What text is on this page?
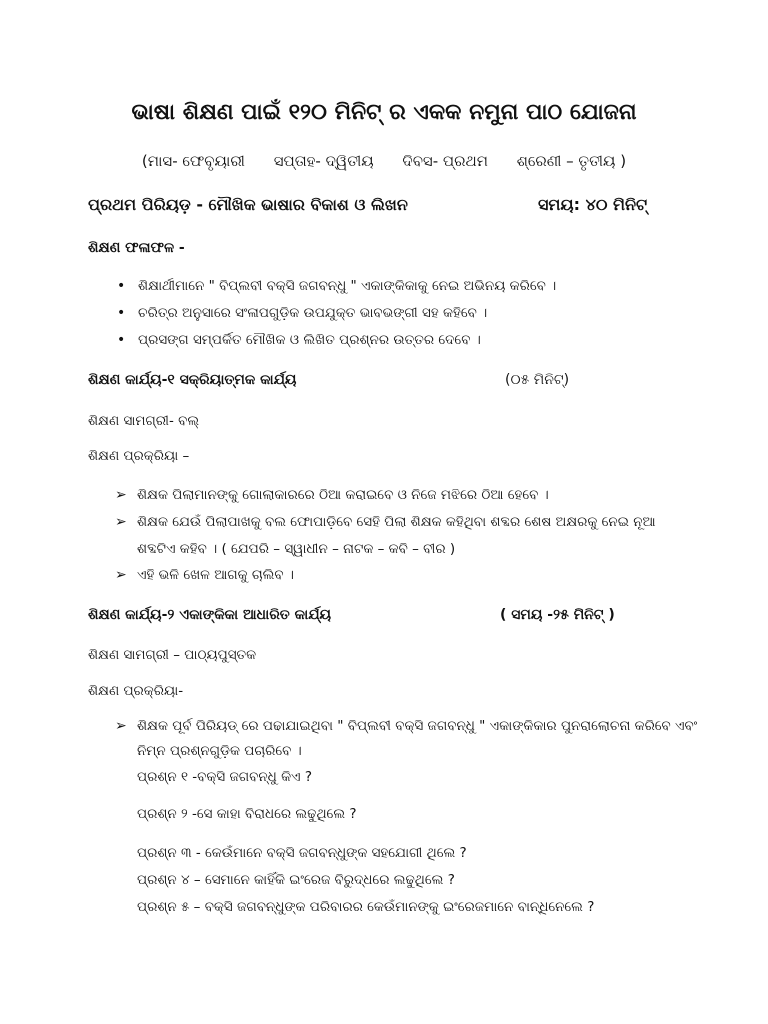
ଭାଷା ଶିକ୍ଷଣ ପାଇଁ ୧୨୦ ମିନିଟ୍ ର ଏକକ ନମୁନା ପାଠ ଯୋଜନା
(ମାସ- ଫେବୃୟାରୀ ସପ୍ତାହ- ଦ୍ୱିତୀୟ ଦିବସ- ପ୍ରଥମ ଶ୍ରେଣୀ – ତୃତୀୟ )
ପ୍ରଥମ ପିରିୟଡ଼ - ମୌଖିକ ଭାଷାର ବିକାଶ ଓ ଲିଖନ	ସମୟ: ୪୦ ମିନିଟ୍
ଶିକ୍ଷଣ ଫଳାଫଳ -
• ଶିକ୍ଷାର୍ଥୀମାନେ " ବିପ୍ଲବୀ ବକ୍ସି ଜଗବନ୍ଧୁ " ଏକାଙ୍କିକାକୁ ନେଇ ଅଭିନୟ କରିବେ ।
• ଚରିତ୍ର ଅନୁସାରେ ସଂଳାପଗୁଡ଼ିକ ଉପଯୁକ୍ତ ଭାବଭଙ୍ଗୀ ସହ କହିବେ ।
• ପ୍ରସଙ୍ଗ ସମ୍ପର୍କିତ ମୌଖିକ ଓ ଲିଖିତ ପ୍ରଶ୍ନର ଉତ୍ତର ଦେବେ ।
ଶିକ୍ଷଣ କାର୍ଯ୍ୟ-୧ ସକ୍ରିୟାତ୍ମକ କାର୍ଯ୍ୟ	(୦୫ ମିନିଟ୍)
ଶିକ୍ଷଣ ସାମଗ୍ରୀ- ବଲ୍
ଶିକ୍ଷଣ ପ୍ରକ୍ରିୟା –
➢ ଶିକ୍ଷକ ପିଲାମାନଙ୍କୁ ଗୋଲାକାରରେ ଠିଆ କରାଇବେ ଓ ନିଜେ ମଝିରେ ଠିଆ ହେବେ ।
➢ ଶିକ୍ଷକ ଯେଉଁ ପିଲାପାଖକୁ ବଲ ଫୋପାଡ଼ିବେ ସେହି ପିଲା ଶିକ୍ଷକ କହିଥିବା ଶବ୍ଦର ଶେଷ ଅକ୍ଷରକୁ ନେଇ ନୂଆ
ଶବ୍ଦଟିଏ କହିବ । ( ଯେପରି – ସ୍ୱାଧୀନ – ନାଟକ – କବି – ବୀର )
➢ ଏହି ଭଳି ଖେଳ ଆଗକୁ ଚାଲିବ ।
ଶିକ୍ଷଣ କାର୍ଯ୍ୟ-୨ ଏକାଙ୍କିକା ଆଧାରିତ କାର୍ଯ୍ୟ	( ସମୟ -୨୫ ମିନିଟ୍ )
ଶିକ୍ଷଣ ସାମଗ୍ରୀ – ପାଠ୍ୟପୁସ୍ତକ
ଶିକ୍ଷଣ ପ୍ରକ୍ରିୟା-
➢ ଶିକ୍ଷକ ପୂର୍ବ ପିରିୟଡ୍ ରେ ପଢାଯାଇଥିବା " ବିପ୍ଲବୀ ବକ୍ସି ଜଗବନ୍ଧୁ " ଏକାଙ୍କିକାର ପୁନରାଲୋଚନା କରିବେ ଏବଂ
ନିମ୍ନ ପ୍ରଶ୍ନଗୁଡ଼ିକ ପଚାରିବେ ।
ପ୍ରଶ୍ନ ୧ -ବକ୍ସି ଜଗବନ୍ଧୁ କିଏ ?
ପ୍ରଶ୍ନ ୨ -ସେ କାହା ବିରାଧରେ ଲଢୁଥିଲେ ?
ପ୍ରଶ୍ନ ୩ - କେଉଁମାନେ ବକ୍ସି ଜଗବନ୍ଧୁଙ୍କ ସହଯୋଗୀ ଥିଲେ ?
ପ୍ରଶ୍ନ ୪ – ସେମାନେ କାହିଁକି ଇଂରେଜ ବିରୁଦ୍ଧରେ ଲଢୁଥିଲେ ?
ପ୍ରଶ୍ନ ୫ – ବକ୍ସି ଜଗବନ୍ଧୁଙ୍କ ପରିବାରର କେଉଁମାନଙ୍କୁ ଇଂରେଜମାନେ ବାନ୍ଧିନେଲେ ?
